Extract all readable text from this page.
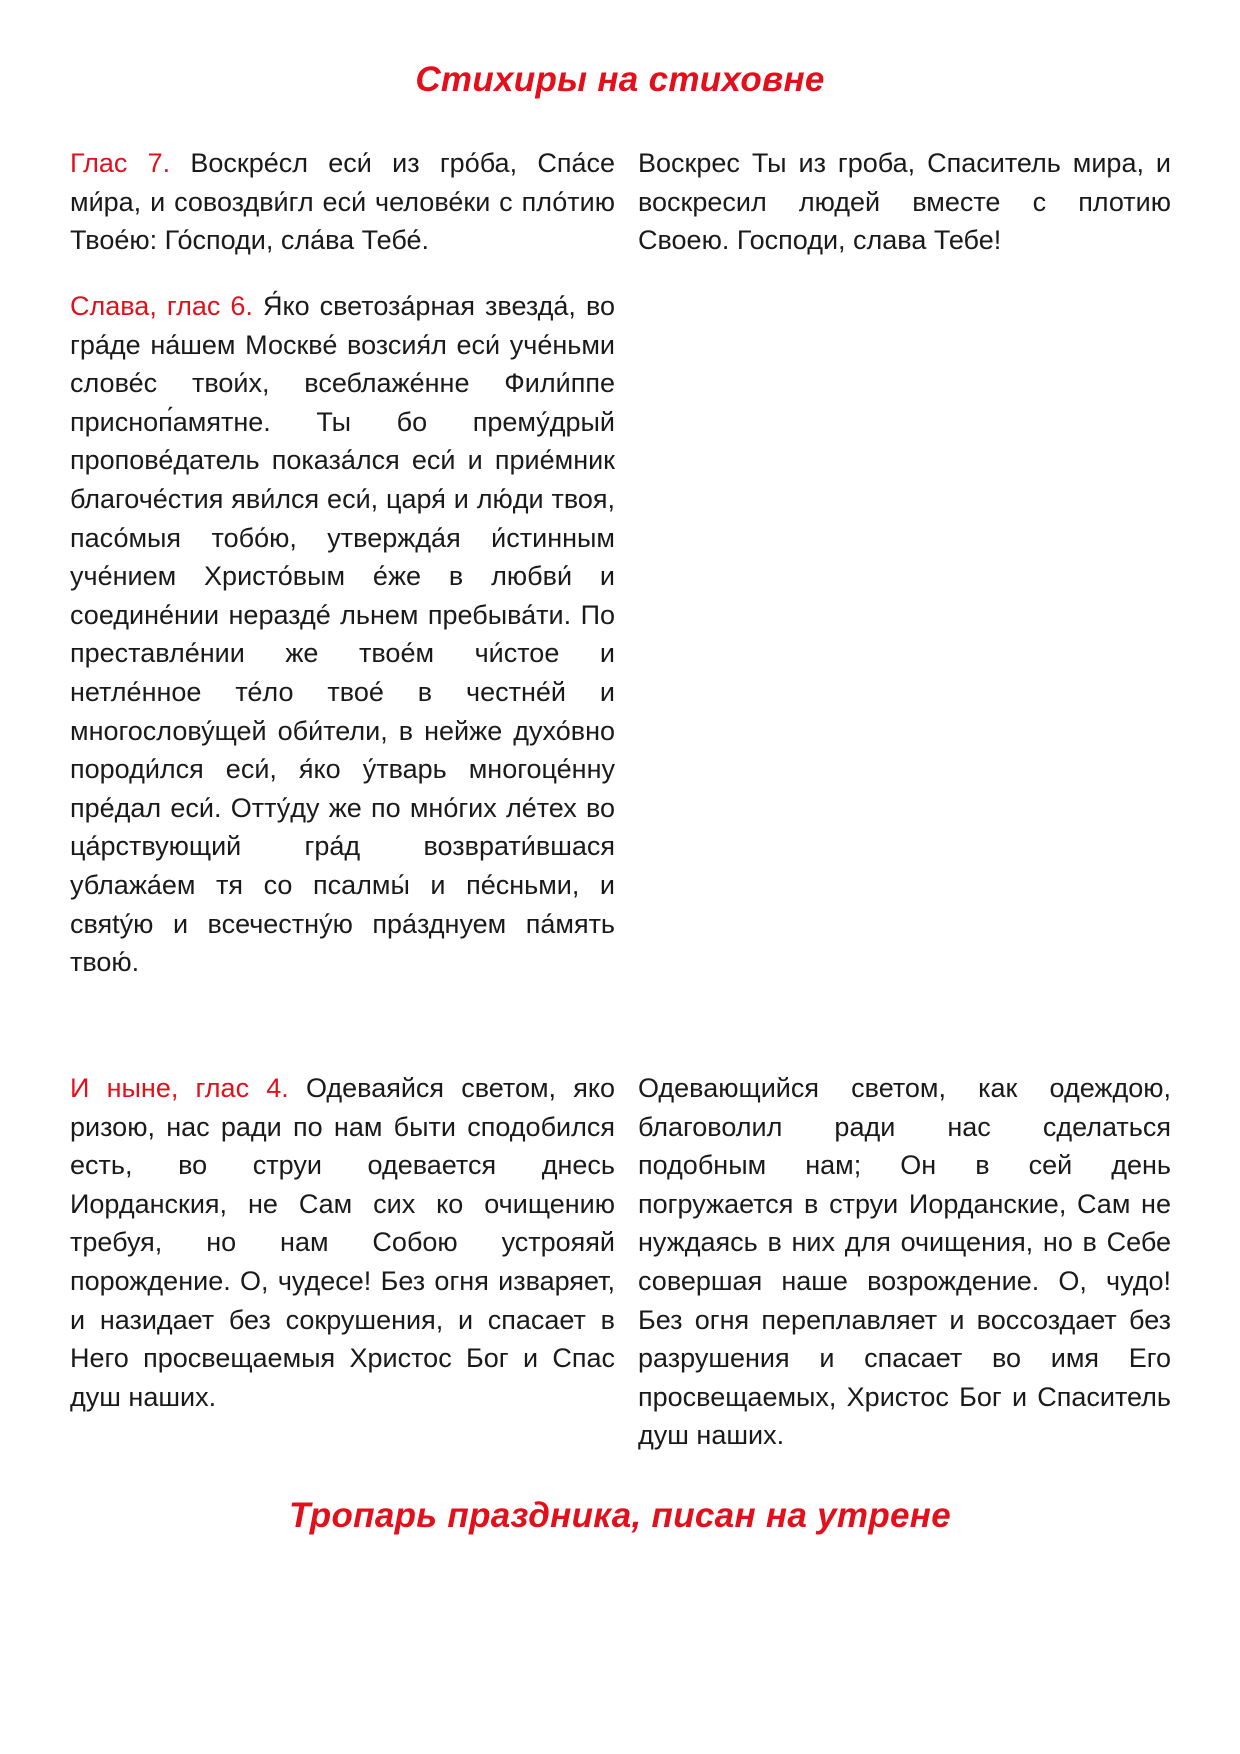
Стихиры на стиховне

Глас 7. Воскре́сл еси́ из гро́ба, Спа́се ми́ра, и совоздви́гл еси́ челове́ки с пло́тию Твое́ю: Го́споди, сла́ва Тебе́.

Воскрес Ты из гроба, Спаситель мира, и воскресил людей вместе с плотию Своею. Господи, слава Тебе!

Слава, глас 6. Я́ко светоза́рная звезда́, во гра́де на́шем Москве́ возсия́л еси́ уче́ньми слове́с твои́х, всеблаже́нне Фили́ппе присноп́амятне. Ты бо прему́дрый пропове́датель показа́лся еси́ и прие́мник благоче́стия яви́лся еси́, царя́ и лю́ди твоя, пасо́мыя тобо́ю, утвержда́я и́стинным уче́нием Христо́вым е́же в любви́ и соедине́нии нераздé льнем пребыва́ти. По преставле́нии же твое́м чи́стое и нетле́нное те́ло твое́ в честне́й и многослову́щей оби́тели, в нейже духо́вно породи́лся еси́, я́ко у́тварь многоце́нну пре́дал еси́. Отту́ду же по мно́гих ле́тех во ца́рствующий гра́д возврати́вшася ублажа́ем тя со псалмы́ и пе́сньми, и свяtу́ю и всечестну́ю пра́зднуем па́мять твою́.

И ныне, глас 4. Одеваяйся светом, яко ризою, нас ради по нам быти сподобился есть, во струи одевается днесь Иорданския, не Сам сих ко очищению требуя, но нам Собою устрояяй порождение. О, чудесе! Без огня изваряет, и назидает без сокрушения, и спасает в Него просвещаемыя Христос Бог и Спас душ наших.

Одевающийся светом, как одеждою, благоволил ради нас сделаться подобным нам; Он в сей день погружается в струи Иорданские, Сам не нуждаясь в них для очищения, но в Себе совершая наше возрождение. О, чудо! Без огня переплавляет и воссоздает без разрушения и спасает во имя Его просвещаемых, Христос Бог и Спаситель душ наших.

Тропарь праздника, писан на утрене
